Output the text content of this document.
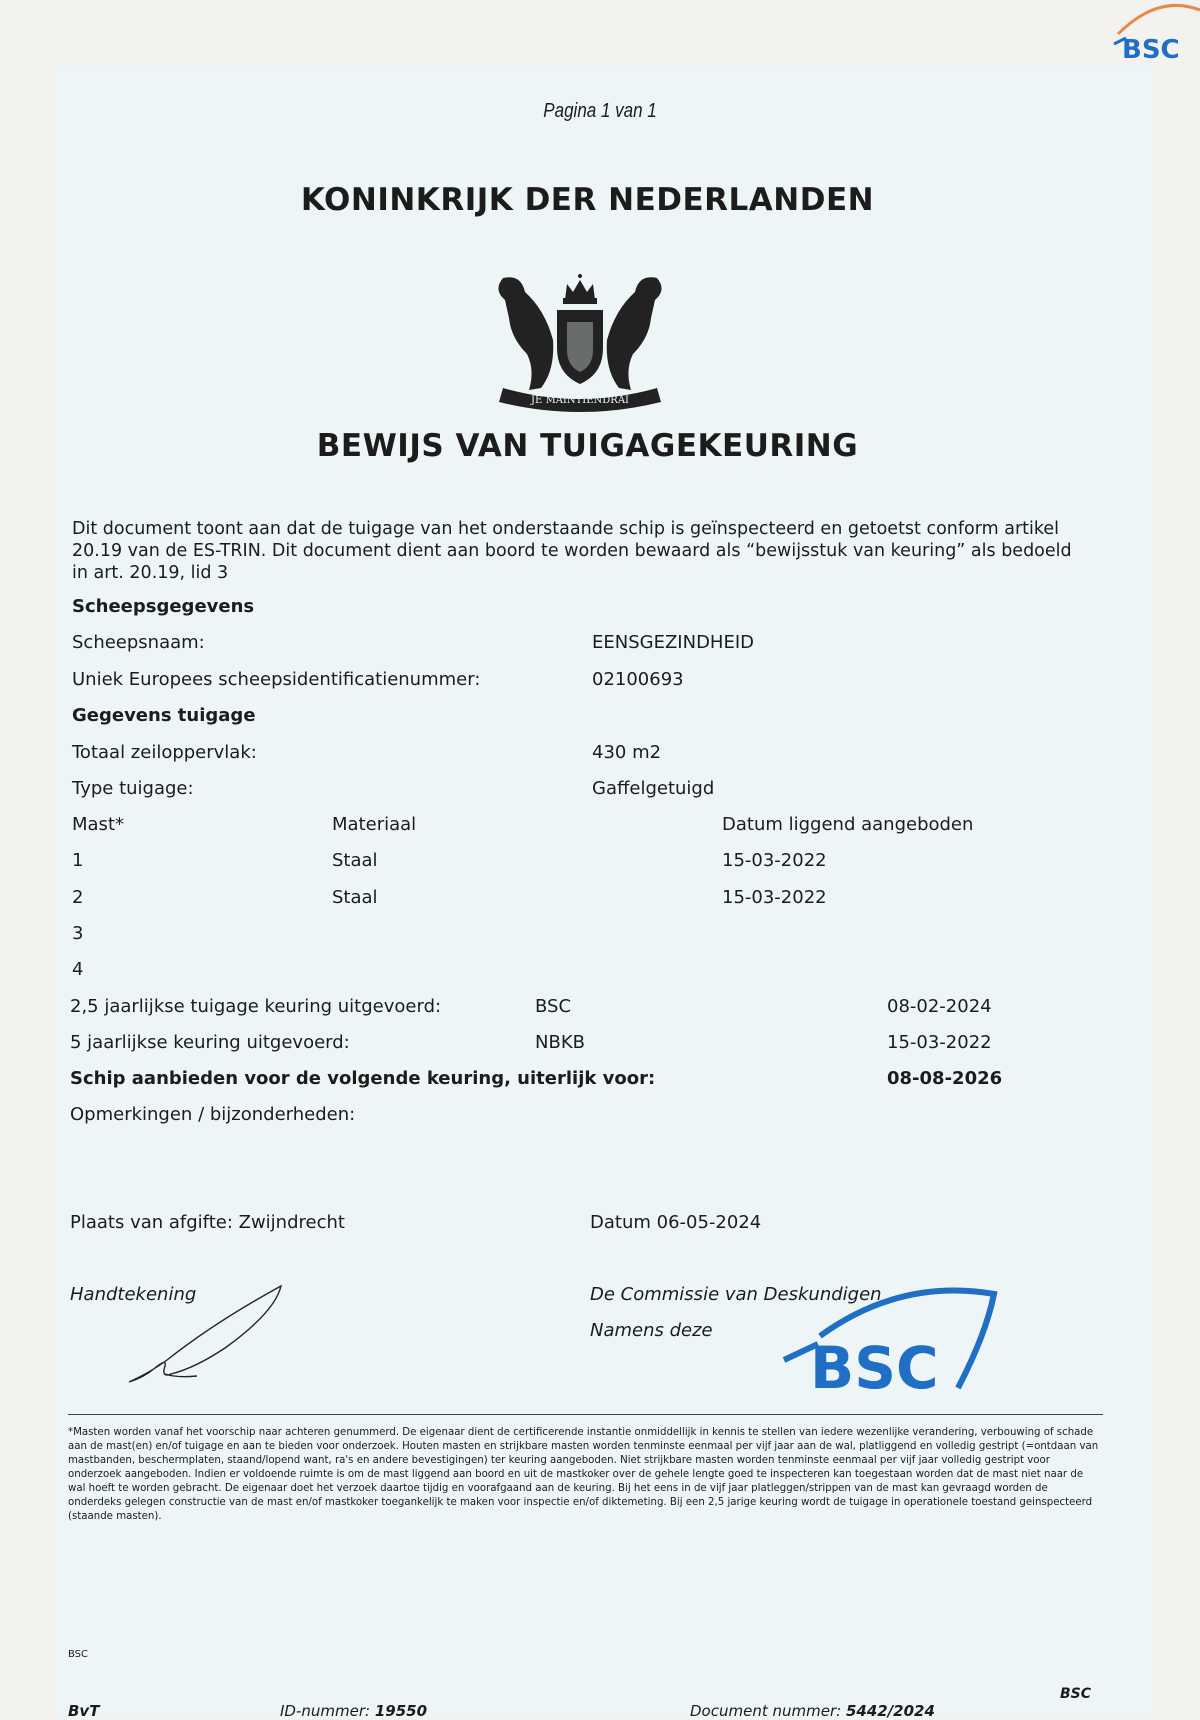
BSC
Pagina 1 van 1
KONINKRIJK DER NEDERLANDEN
JE MAINTIENDRAI
BEWIJS VAN TUIGAGEKEURING
Dit document toont aan dat de tuigage van het onderstaande schip is geïnspecteerd en getoetst conform artikel 20.19 van de ES-TRIN. Dit document dient aan boord te worden bewaard als “bewijsstuk van keuring” als bedoeld in art. 20.19, lid 3
Scheepsgegevens
Scheepsnaam:	EENSGEZINDHEID
Uniek Europees scheepsidentificatienummer:	02100693
Gegevens tuigage
Totaal zeiloppervlak:	430 m2
Type tuigage:	Gaffelgetuigd
Mast*	Materiaal	Datum liggend aangeboden
1	Staal	15-03-2022
2	Staal	15-03-2022
3
4
2,5 jaarlijkse tuigage keuring uitgevoerd:	BSC	08-02-2024
5 jaarlijkse keuring uitgevoerd:	NBKB	15-03-2022
Schip aanbieden voor de volgende keuring, uiterlijk voor:	08-08-2026
Opmerkingen / bijzonderheden:
Plaats van afgifte: Zwijndrecht	Datum 06-05-2024
Handtekening	De Commissie van Deskundigen
Namens deze
BSC
*Masten worden vanaf het voorschip naar achteren genummerd. De eigenaar dient de certificerende instantie onmiddellijk in kennis te stellen van iedere wezenlijke verandering, verbouwing of schade aan de mast(en) en/of tuigage en aan te bieden voor onderzoek. Houten masten en strijkbare masten worden tenminste eenmaal per vijf jaar aan de wal, platliggend en volledig gestript (=ontdaan van mastbanden, beschermplaten, staand/lopend want, ra's en andere bevestigingen) ter keuring aangeboden. Niet strijkbare masten worden tenminste eenmaal per vijf jaar volledig gestript voor onderzoek aangeboden. Indien er voldoende ruimte is om de mast liggend aan boord en uit de mastkoker over de gehele lengte goed te inspecteren kan toegestaan worden dat de mast niet naar de wal hoeft te worden gebracht. De eigenaar doet het verzoek daartoe tijdig en voorafgaand aan de keuring. Bij het eens in de vijf jaar platleggen/strippen van de mast kan gevraagd worden de onderdeks gelegen constructie van de mast en/of mastkoker toegankelijk te maken voor inspectie en/of diktemeting. Bij een 2,5 jarige keuring wordt de tuigage in operationele toestand geinspecteerd (staande masten).
BSC
BSC
BvT	ID-nummer: 19550	Document nummer: 5442/2024
